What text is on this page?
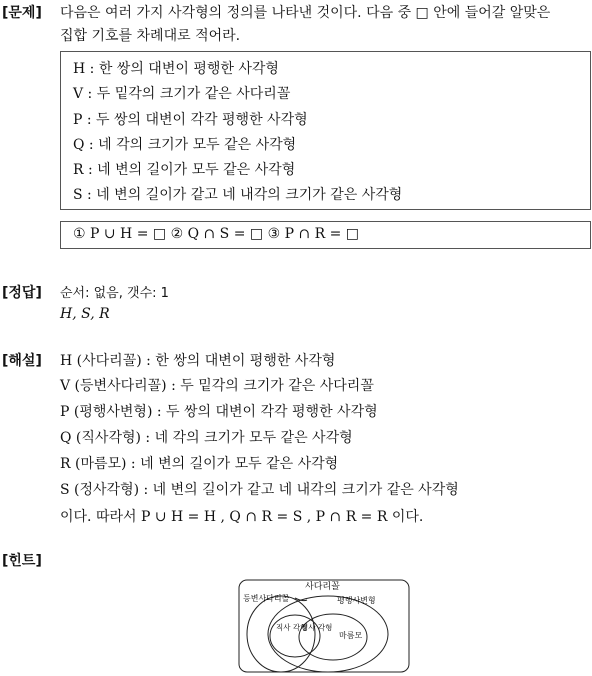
[문제] 다음은 여러 가지 사각형의 정의를 나타낸 것이다. 다음 중 □ 안에 들어갈 알맞은
집합 기호를 차례대로 적어라.
H : 한 쌍의 대변이 평행한 사각형
V : 두 밑각의 크기가 같은 사다리꼴
P : 두 쌍의 대변이 각각 평행한 사각형
Q : 네 각의 크기가 모두 같은 사각형
R : 네 변의 길이가 모두 같은 사각형
S : 네 변의 길이가 같고 네 내각의 크기가 같은 사각형
① P ∪ H = □ ② Q ∩ S = □ ③ P ∩ R = □
[정답] 순서: 없음, 갯수: 1
H, S, R
[해설] H (사다리꼴) : 한 쌍의 대변이 평행한 사각형
V (등변사다리꼴) : 두 밑각의 크기가 같은 사다리꼴
P (평행사변형) : 두 쌍의 대변이 각각 평행한 사각형
Q (직사각형) : 네 각의 크기가 모두 같은 사각형
R (마름모) : 네 변의 길이가 모두 같은 사각형
S (정사각형) : 네 변의 길이가 같고 네 내각의 크기가 같은 사각형
이다. 따라서 P ∪ H = H , Q ∩ R = S , P ∩ R = R 이다.
[힌트]
사다리꼴
등변사다리꼴	평행사변형
마름모
직사 각형
정사 각형
